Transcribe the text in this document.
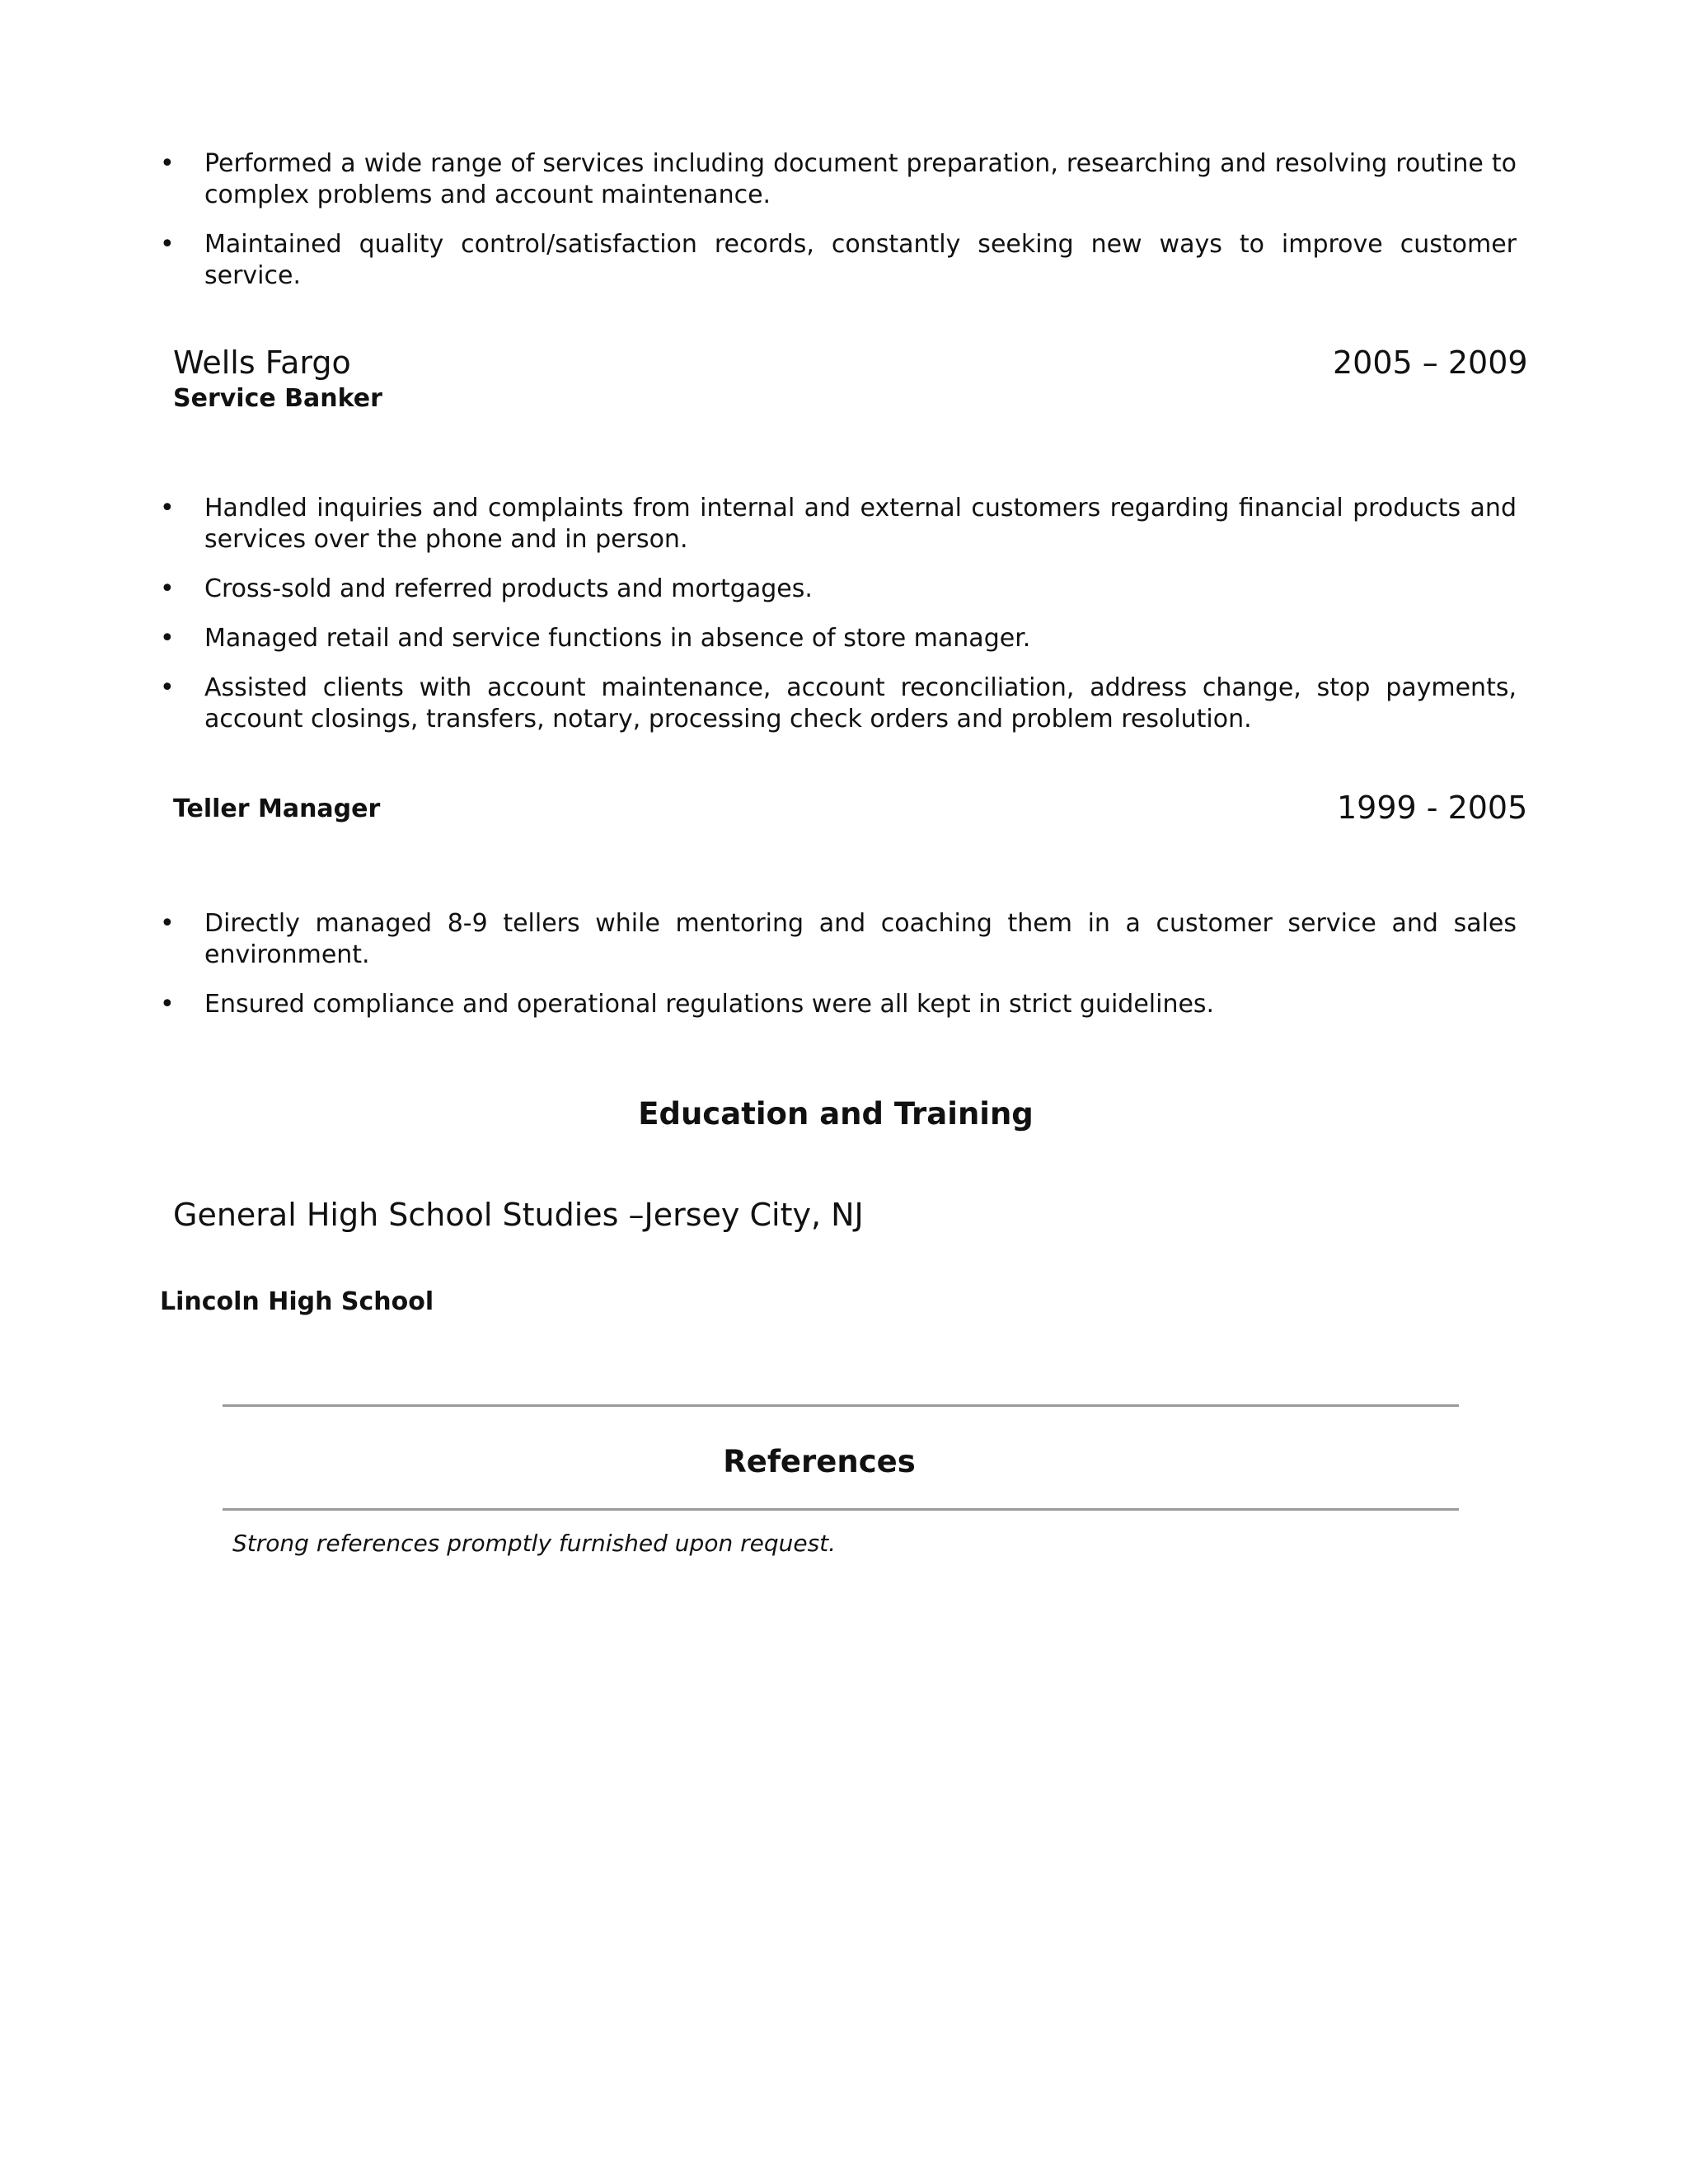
• Performed a wide range of services including document preparation, researching and resolving routine to complex problems and account maintenance.
• Maintained quality control/satisfaction records, constantly seeking new ways to improve customer service.
Wells Fargo	2005 – 2009
Service Banker
• Handled inquiries and complaints from internal and external customers regarding financial products and services over the phone and in person.
• Cross-sold and referred products and mortgages.
• Managed retail and service functions in absence of store manager.
• Assisted clients with account maintenance, account reconciliation, address change, stop payments, account closings, transfers, notary, processing check orders and problem resolution.
Teller Manager	1999 - 2005
• Directly managed 8-9 tellers while mentoring and coaching them in a customer service and sales environment.
• Ensured compliance and operational regulations were all kept in strict guidelines.
Education and Training
General High School Studies –Jersey City, NJ
Lincoln High School
References
Strong references promptly furnished upon request.
